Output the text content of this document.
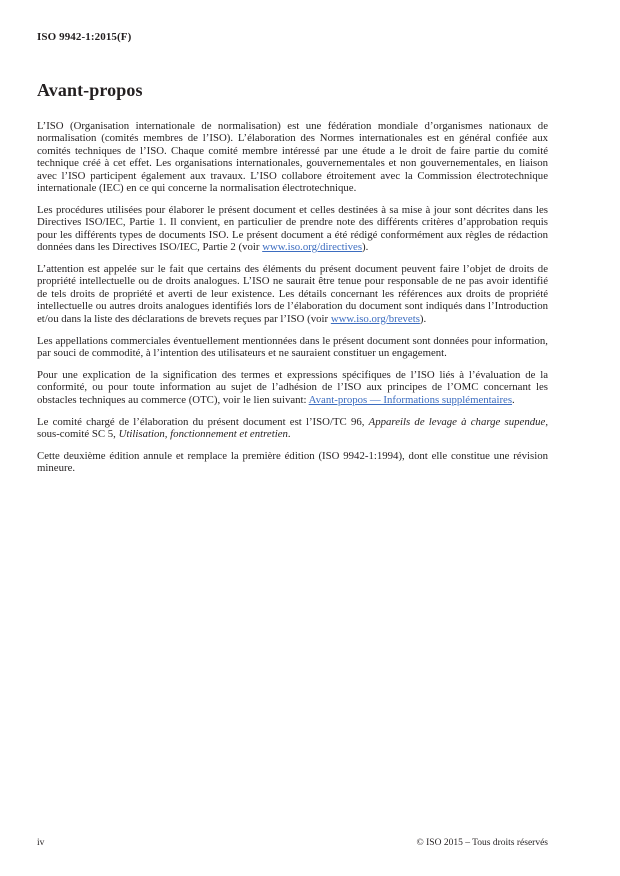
ISO 9942-1:2015(F)
Avant-propos

L’ISO (Organisation internationale de normalisation) est une fédération mondiale d’organismes nationaux de normalisation (comités membres de l’ISO). L’élaboration des Normes internationales est en général confiée aux comités techniques de l’ISO. Chaque comité membre intéressé par une étude a le droit de faire partie du comité technique créé à cet effet. Les organisations internationales, gouvernementales et non gouvernementales, en liaison avec l’ISO participent également aux travaux. L’ISO collabore étroitement avec la Commission électrotechnique internationale (IEC) en ce qui concerne la normalisation électrotechnique.

Les procédures utilisées pour élaborer le présent document et celles destinées à sa mise à jour sont décrites dans les Directives ISO/IEC, Partie 1. Il convient, en particulier de prendre note des différents critères d’approbation requis pour les différents types de documents ISO. Le présent document a été rédigé conformément aux règles de rédaction données dans les Directives ISO/IEC, Partie 2 (voir www.iso.org/directives).

L’attention est appelée sur le fait que certains des éléments du présent document peuvent faire l’objet de droits de propriété intellectuelle ou de droits analogues. L’ISO ne saurait être tenue pour responsable de ne pas avoir identifié de tels droits de propriété et averti de leur existence. Les détails concernant les références aux droits de propriété intellectuelle ou autres droits analogues identifiés lors de l’élaboration du document sont indiqués dans l’Introduction et/ou dans la liste des déclarations de brevets reçues par l’ISO (voir www.iso.org/brevets).

Les appellations commerciales éventuellement mentionnées dans le présent document sont données pour information, par souci de commodité, à l’intention des utilisateurs et ne sauraient constituer un engagement.

Pour une explication de la signification des termes et expressions spécifiques de l’ISO liés à l’évaluation de la conformité, ou pour toute information au sujet de l’adhésion de l’ISO aux principes de l’OMC concernant les obstacles techniques au commerce (OTC), voir le lien suivant: Avant-propos — Informations supplémentaires.

Le comité chargé de l’élaboration du présent document est l’ISO/TC 96, Appareils de levage à charge supendue, sous-comité SC 5, Utilisation, fonctionnement et entretien.

Cette deuxième édition annule et remplace la première édition (ISO 9942-1:1994), dont elle constitue une révision mineure.

iv	© ISO 2015 – Tous droits réservés
